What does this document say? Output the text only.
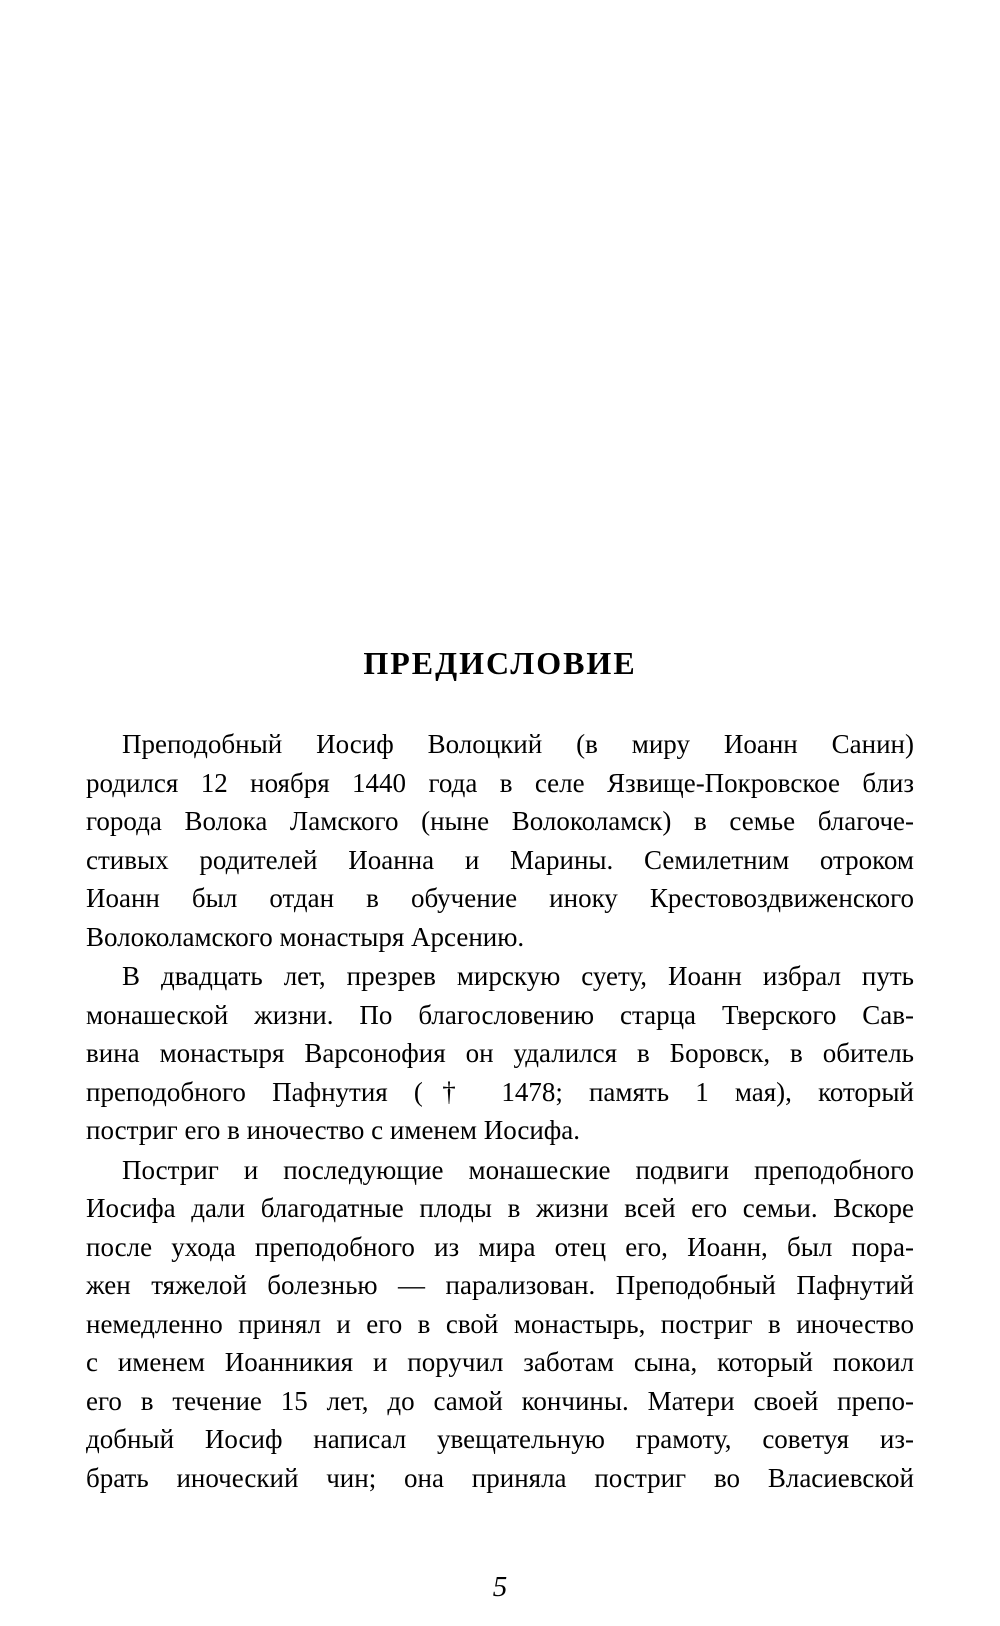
ПРЕДИСЛОВИЕ
Преподобный Иосиф Волоцкий (в миру Иоанн Санин)
родился 12 ноября 1440 года в селе Язвище-Покровское близ
города Волока Ламского (ныне Волоколамск) в семье благоче-
стивых родителей Иоанна и Марины. Семилетним отроком
Иоанн был отдан в обучение иноку Крестовоздвиженского
Волоколамского монастыря Арсению.
В двадцать лет, презрев мирскую суету, Иоанн избрал путь
монашеской жизни. По благословению старца Тверского Сав-
вина монастыря Варсонофия он удалился в Боровск, в обитель
преподобного Пафнутия († 1478; память 1 мая), который
постриг его в иночество с именем Иосифа.
Постриг и последующие монашеские подвиги преподобного
Иосифа дали благодатные плоды в жизни всей его семьи. Вскоре
после ухода преподобного из мира отец его, Иоанн, был пора-
жен тяжелой болезнью — парализован. Преподобный Пафнутий
немедленно принял и его в свой монастырь, постриг в иночество
с именем Иоанникия и поручил заботам сына, который покоил
его в течение 15 лет, до самой кончины. Матери своей препо-
добный Иосиф написал увещательную грамоту, советуя из-
брать иноческий чин; она приняла постриг во Власиевской

5
